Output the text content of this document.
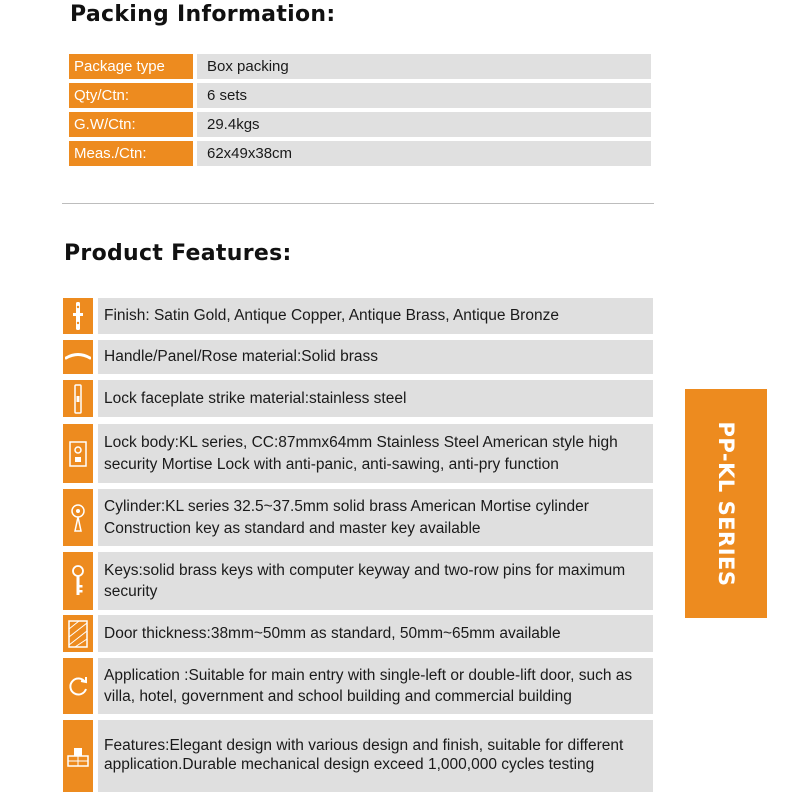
Packing Information:
Package type	Box packing
Qty/Ctn:	6 sets
G.W/Ctn:	29.4kgs
Meas./Ctn:	62x49x38cm
Product Features:
Finish: Satin Gold, Antique Copper, Antique Brass, Antique Bronze
Handle/Panel/Rose material:Solid brass
Lock faceplate strike material:stainless steel
Lock body:KL series, CC:87mmx64mm Stainless Steel American style high security Mortise Lock with anti-panic, anti-sawing, anti-pry function
Cylinder:KL series 32.5~37.5mm solid brass American Mortise cylinder Construction key as standard and master key available
Keys:solid brass keys with computer keyway and two-row pins for maximum security
Door thickness:38mm~50mm as standard, 50mm~65mm available
Application :Suitable for main entry with single-left or double-lift door, such as villa, hotel, government and school building and commercial building
Features:Elegant design with various design and finish, suitable for different application.Durable mechanical design exceed 1,000,000 cycles testing
PP-KL SERIES
